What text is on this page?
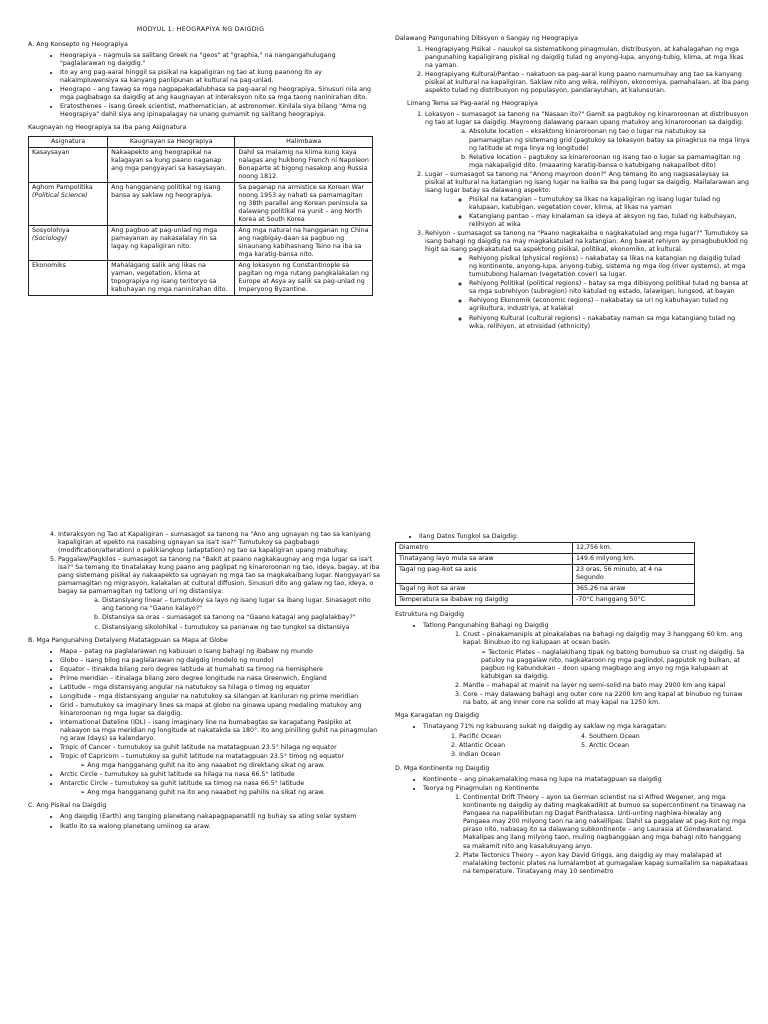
MODYUL 1: HEOGRAPIYA NG DAIGDIG
A. Ang Konsepto ng Heograpiya
• Heograpiya – nagmula sa salitang Greek na "geos" at "graphia," na nangangahulugang "paglalarawan ng daigdig."
• Ito ay ang pag-aaral hinggil sa pisikal na kapaligiran ng tao at kung paanong ito ay nakaimpluwensiya sa kanyang panlipunan at kultural na pag-unlad.
• Heograpo – ang tawag sa mga nagpapakadalubhasa sa pag-aaral ng heograpiya. Sinusuri nila ang mga pagbabago sa daigdig at ang kaugnayan at interaksyon nito sa mga taong naninirahan dito.
• Eratosthenes – isang Greek scientist, mathematician, at astronomer. Kinilala siya bilang "Ama ng Heograpiya" dahil siya ang ipinapalagay na unang gumamit ng salitang heograpiya.
Kaugnayan ng Heograpiya sa Iba pang Asignatura
Asignatura	Kaugnayan sa Heograpiya	Halimbawa

Kasaysayan	Nakaapekto ang heograpikal na kalagayan sa kung paano naganap ang mga pangyayari sa kasaysayan.	Dahil sa malamig na klima kung kaya nalagas ang hukbong French ni Napoleon Bonaparte at bigong nasakop ang Russia noong 1812.

Aghom Pampolitika
(Political Science)	Ang hangganang politikal ng isang bansa ay saklaw ng heograpiya.	Sa paganap na armistice sa Korean War noong 1953 ay nahati sa pamamagitan ng 38th parallel ang Korean peninsula sa dalawang politikal na yunit – ang North Korea at South Korea

Sosyolohiya
(Sociology)	Ang pagbuo at pag-unlad ng mga pamayanan ay nakasalalay rin sa lagay ng kapaligiran nito.	Ang mga natural na hangganan ng China ang nagbigay-daan sa pagbuo ng sinaunang kabihasnang Tsino na iba sa mga karatig-bansa nito.

Ekonomiks	Mahalagang salik ang likas na yaman, vegetation, klima at topograpiya ng isang teritoryo sa kabuhayan ng mga naninirahan dito.	Ang lokasyon ng Constantinople sa pagitan ng mga rutang pangkalakalan ng Europe at Asya ay salik sa pag-unlad ng Imperyong Byzantine.
Dalawang Pangunahing Dibisyon o Sangay ng Heograpiya
1. Heograpiyang Pisikal – nauukol sa sistematikong pinagmulan, distribusyon, at kahalagahan ng mga pangunahing kapaligirang pisikal ng daigdig tulad ng anyong-lupa, anyong-tubig, klima, at mga likas na yaman.
2. Heograpiyang Kultural/Pantao – nakatuon sa pag-aaral kung paano namumuhay ang tao sa kanyang pisikal at kultural na kapaligiran. Saklaw nito ang wika, relihiyon, ekonomiya, pamahalaan, at iba pang aspekto tulad ng distribusyon ng populasyon, pandarayuhan, at kalunsuran.
Limang Tema sa Pag-aaral ng Heograpiya
1. Lokasyon – sumasagot sa tanong na "Nasaan ito?" Gamit sa pagtukoy ng kinaroroonan at distribusyon ng tao at lugar sa daigdig. Mayroong dalawang paraan upang matukoy ang kinaroroonan sa daigdig:
a. Absolute location – eksaktong kinaroroonan ng tao o lugar na natutukoy sa pamamagitan ng sistemang grid (pagtukoy sa lokasyon batay sa pinagkrus na mga linya ng latitude at mga linya ng longitude)
b. Relative location – pagtukoy sa kinaroroonan ng isang tao o lugar sa pamamagitan ng mga nakapaligid dito. (maaaring karatig-bansa o katubigang nakapalibot dito)
2. Lugar – sumasagot sa tanong na "Anong mayroon doon?" Ang temang ito ang nagsasalaysay sa pisikal at kultural na katangian ng isang lugar na kaiba sa iba pang lugar sa daigdig. Mailalarawan ang isang lugar batay sa dalawang aspekto:
◦ Pisikal na katangian – tumutukoy sa likas na kapaligiran ng isang lugar tulad ng kalupaan, katubigan, vegetation cover, klima, at likas na yaman
◦ Katangiang pantao – may kinalaman sa ideya at aksyon ng tao, tulad ng kabuhayan, relihiyon at wika
3. Rehiyon – sumasagot sa tanong na "Paano nagkakaiba o nagkakatulad ang mga lugar?" Tumutukoy sa isang bahagi ng daigdig na may magkakatulad na katangian. Ang bawat rehiyon ay pinagbubuklod ng higit sa isang pagkakatulad sa aspektong pisikal, politikal, ekonomiko, at kultural.
◦ Rehiyong pisikal (physical regions) – nakabatay sa likas na katangian ng daigdig tulad ng kontinente, anyong-lupa, anyong-tubig, sistema ng mga ilog (river systems), at mga tumutubong halaman (vegetation cover) sa lugar.
◦ Rehiyong Politikal (political regions) – batay sa mga dibisyong politikal tulad ng bansa at sa mga subrehiyon (subregion) nito katulad ng estado, lalawigan, lungsod, at bayan
◦ Rehiyong Ekonomik (economic regions) – nakabatay sa uri ng kabuhayan tulad ng agrikultura, industriya, at kalakal
◦ Rehiyong Kultural (cultural regions) – nakabatay naman sa mga katangiang tulad ng wika, relihiyon, at etnisidad (ethnicity)
4. Interaksyon ng Tao at Kapaligiran – sumasagot sa tanong na "Ano ang ugnayan ng tao sa kaniyang kapaligiran at epekto na nasabing ugnayan sa isa't isa?" Tumutukoy sa pagbabago (modification/alteration) o pakikiangkop (adaptation) ng tao sa kapaligiran upang mabuhay.
5. Paggalaw/Pagkilos – sumasagot sa tanong na "Bakit at paano nagkakaugnay ang mga lugar sa isa't isa?" Sa temang ito tinatalakay kung paano ang paglipat ng kinaroroonan ng tao, ideya, bagay, at iba pang sistemang pisikal ay nakaapekto sa ugnayan ng mga tao sa magkakaibang lugar. Nangyayari sa pamamagitan ng migrasyon, kalakalan at cultural diffusion. Sinusuri dito ang galaw ng tao, ideya, o bagay sa pamamagitan ng tatlong uri ng distansiya:
a. Distansiyang linear – tumutukoy sa layo ng isang lugar sa ibang lugar. Sinasagot nito ang tanong na "Gaano kalayo?"
b. Distansiya sa oras – sumasagot sa tanong na "Gaano katagal ang paglalakbay?"
c. Distansiyang sikolohikal – tumutukoy sa pananaw ng tao tungkol sa distansiya
B. Mga Pangunahing Detalyeng Matatagpuan sa Mapa at Globe
• Mapa – patag na paglalarawan ng kabuuan o isang bahagi ng ibabaw ng mundo
• Globo – isang bilog na paglalarawan ng daigdig (modelo ng mundo)
• Equator – itinakda bilang zero degree latitude at humahati sa timog na hemisphere
• Prime meridian – itinalaga bilang zero degree longitude na nasa Greenwich, England
• Latitude – mga distansyang angular na natutukoy sa hilaga o timog ng equator
• Longitude – mga distansyang angular na natutukoy sa silangan at kanluran ng prime meridian
• Grid – tumutukoy sa imaginary lines sa mapa at globo na ginawa upang medaling matukoy ang kinaroroonan ng mga lugar sa daigdig.
• International Dateline (IDL) – isang imaginary line na bumabagtas sa karagatang Pasipiko at nakaayon sa mga meridian ng longitude at nakatakda sa 180°. Ito ang pinilling guhit na pinagmulan ng araw (days) sa kalendaryo.
• Tropic of Cancer – tumutukoy sa guhit latitude na matatagpuan 23.5° hilaga ng equator
• Tropic of Capricorn – tumutukoy sa guhit latitude na matatagpuan 23.5° timog ng equator
➢ Ang mga hangganang guhit na ito ang naaabot ng direktang sikat ng araw.
• Arctic Circle – tumutukoy sa guhit latitude sa hilaga na nasa 66.5° latitude
• Antarctic Circle – tumutukoy sa guhit latitude sa timog na nasa 66.5° latitude
➢ Ang mga hangganang guhit na ito ang naaabot ng pahilis na sikat ng araw.
C. Ang Pisikal na Daigdig
• Ang daigdig (Earth) ang tanging planetang nakapagpapanatili ng buhay sa ating solar system
• Ikatlo ito sa walong planetang umiinog sa araw.
• Ilang Datos Tungkol sa Daigdig:
Diametro	12,756 km.
Tinatayang layo mula sa araw	149.6 milyong km.
Tagal ng pag-ikot sa axis	23 oras, 56 minuto, at 4 na Segundo
Tagal ng ikot sa araw	365.26 na araw
Temperatura sa ibabaw ng daigdig	-70°C hanggang 50°C
Estruktura ng Daigdig
• Tatlong Pangunahing Bahagi ng Daigdig
1. Crust – pinakamanipis at pinakalabas na bahagi ng daigdig may 3 hanggang 60 km. ang kapal. Binubuo ito ng kalupaan at ocean basin.
➢ Tectonic Plates – naglalakihang tipak ng batong bumubuo sa crust ng daigdig. Sa patuloy na paggalaw nito, nagkakaroon ng mga paglindol, pagputok ng bulkan, at pagbuo ng kabundukan – doon upang magbago ang anyo ng mga kalupaan at katubigan sa daigdig.
2. Mantle – mahapal at mainit na layer ng semi-solid na bato may 2900 km ang kapal
3. Core – may dalawang bahagi ang outer core na 2200 km ang kapal at binubuo ng tunaw na bato, at ang inner core na solido at may kapal na 1250 km.
Mga Karagatan ng Daigdig
• Tinatayang 71% ng kabuuang sukat ng daigdig ay saklaw ng mga karagatan:
1. Pacific Ocean
2. Atlantic Ocean
3. Indian Ocean
4. Southern Ocean
5. Arctic Ocean
D. Mga Kontinente ng Daigdig
• Kontinente – ang pinakamalaking masa ng lupa na matatagpuan sa daigdig
• Teorya ng Pinagmulan ng Kontinente
1. Continental Drift Theory – ayon sa German scientist na si Alfred Wegener, ang mga kontinente ng daigdig ay dating magkakadikit at bumuo sa supercontinent na tinawag na Pangaea na napalilibutan ng Dagat Panthalassa. Unti-unting naghiwa-hiwalay ang Pangaea may 200 milyong taon na ang nakalilipas. Dahil sa paggalaw at pag-ikot ng mga piraso nito, nabasag ito sa dalawang subkontinente – ang Laurasia at Gondwanaland. Makalipas ang ilang milyong taon, muling nagbanggaan ang mga bahagi nito hanggang sa makamit nito ang kasalukuyang anyo.
2. Plate Tectonics Theory – ayon kay David Griggs, ang daigdig ay may malalapad at malalaking tectonic plates na lumalambot at gumagalaw kapag sumailalim sa napakataas na temperature. Tinatayang may 10 sentimetro
